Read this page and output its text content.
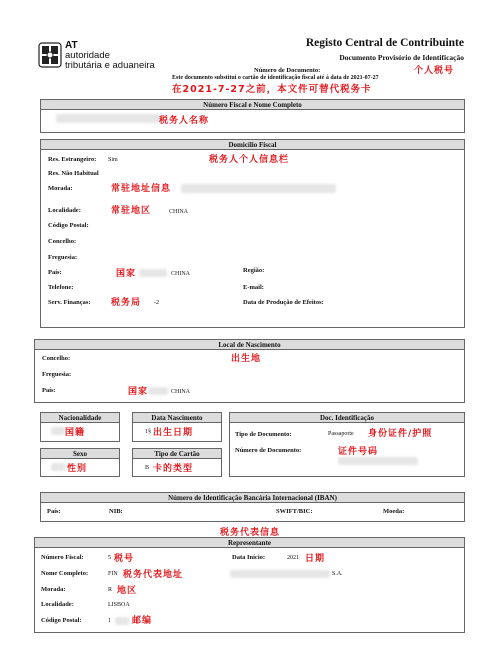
AT
autoridade
tributária e aduaneira
Registo Central de Contribuinte
Documento Provisório de Identificação
Número de Documento:	个人税号
Este documento substitui o cartão de identificação fiscal até à data de 2021-07-27
在2021-7-27之前，本文件可替代税务卡
Número Fiscal e Nome Completo
税务人名称
Domicílio Fiscal
Res. Estrangeiro: Sim	税务人个人信息栏
Res. Não Habitual
Morada:	常驻地址信息
Localidade:	常驻地区	CHINA
Código Postal:
Concelho:
Freguesia:
País:	国家	CHINA	Região:
Telefone:	E-mail:
Serv. Finanças: 税务局 -2	Data de Produção de Efeitos:
Local de Nascimento
出生地
Concelho:
Freguesia:
País:	国家	CHINA
Nacionalidade
国籍
Data Nascimento
1§ 出生日期
Sexo
性别
Tipo de Cartão
B 卡的类型
Doc. Identificação
Tipo de Documento:	Passaporte 身份证件/护照
Número de Documento:	证件号码
Número de Identificação Bancária Internacional (IBAN)
País:	NIB:	SWIFT/BIC:	Moeda:
税务代表信息
Representante
Número Fiscal:	5 税号	Data Início:	2021 日期
Nome Completo:	FIN 税务代表地址	S.A.
Morada:	R 地区
Localidade:	LISBOA
Código Postal:	1 邮编
